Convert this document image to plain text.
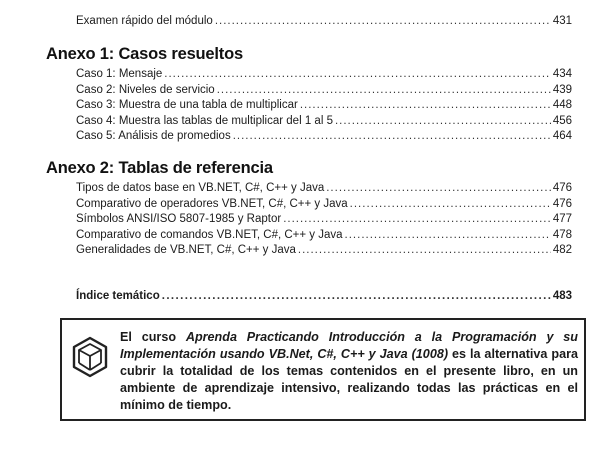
Examen rápido del módulo .....	431
Anexo 1: Casos resueltos
Caso 1: Mensaje .....	434
Caso 2: Niveles de servicio .....	439
Caso 3: Muestra de una tabla de multiplicar .....	448
Caso 4: Muestra las tablas de multiplicar del 1 al 5 .....	456
Caso 5: Análisis de promedios .....	464
Anexo 2: Tablas de referencia
Tipos de datos base en VB.NET, C#, C++ y Java .....	476
Comparativo de operadores VB.NET, C#, C++ y Java .....	476
Símbolos ANSI/ISO 5807-1985 y Raptor .....	477
Comparativo de comandos VB.NET, C#, C++ y Java .....	478
Generalidades de VB.NET, C#, C++ y Java .....	482
Índice temático .....	483
El curso Aprenda Practicando Introducción a la Programación y su Implementación usando VB.Net, C#, C++ y Java (1008) es la alternativa para cubrir la totalidad de los temas contenidos en el presente libro, en un ambiente de aprendizaje intensivo, realizando todas las prácticas en el mínimo de tiempo.
